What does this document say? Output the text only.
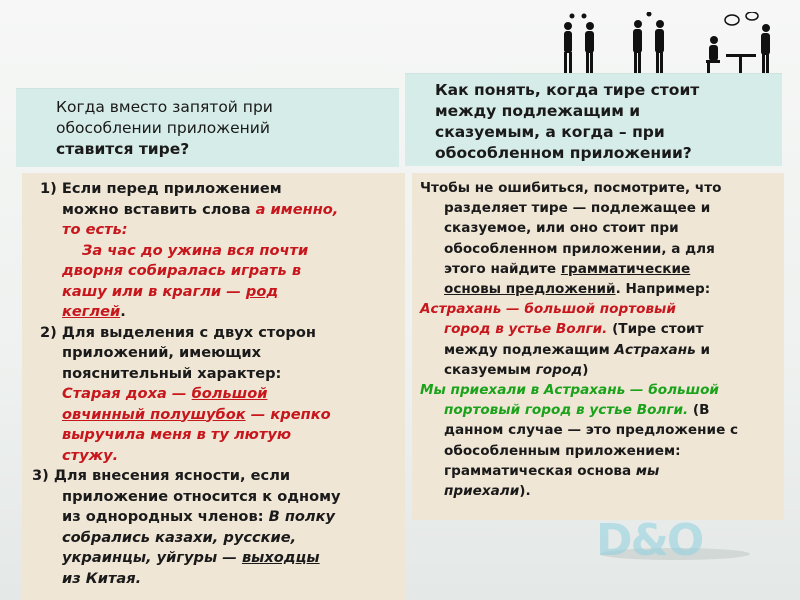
Когда вместо запятой при
обособлении приложений
ставится тире?
Как понять, когда тире стоит
между подлежащим и
сказуемым, а когда – при
обособленном приложении?
1) Если перед приложением
можно вставить слова а именно,
то есть:
За час до ужина вся почти
дворня собиралась играть в
кашу или в крагли — род
кеглей.
2) Для выделения с двух сторон
приложений, имеющих
пояснительный характер:
Старая доха — большой
овчинный полушубок — крепко
выручила меня в ту лютую
стужу.
3) Для внесения ясности, если
приложение относится к одному
из однородных членов: В полку
собрались казахи, русские,
украинцы, уйгуры — выходцы
из Китая.
Чтобы не ошибиться, посмотрите, что
разделяет тире — подлежащее и
сказуемое, или оно стоит при
обособленном приложении, а для
этого найдите грамматические
основы предложений. Например:
Астрахань — большой портовый
город в устье Волги. (Тире стоит
между подлежащим Астрахань и
сказуемым город)
Мы приехали в Астрахань — большой
портовый город в устье Волги. (В
данном случае — это предложение с
обособленным приложением:
грамматическая основа мы
приехали).
D&O
